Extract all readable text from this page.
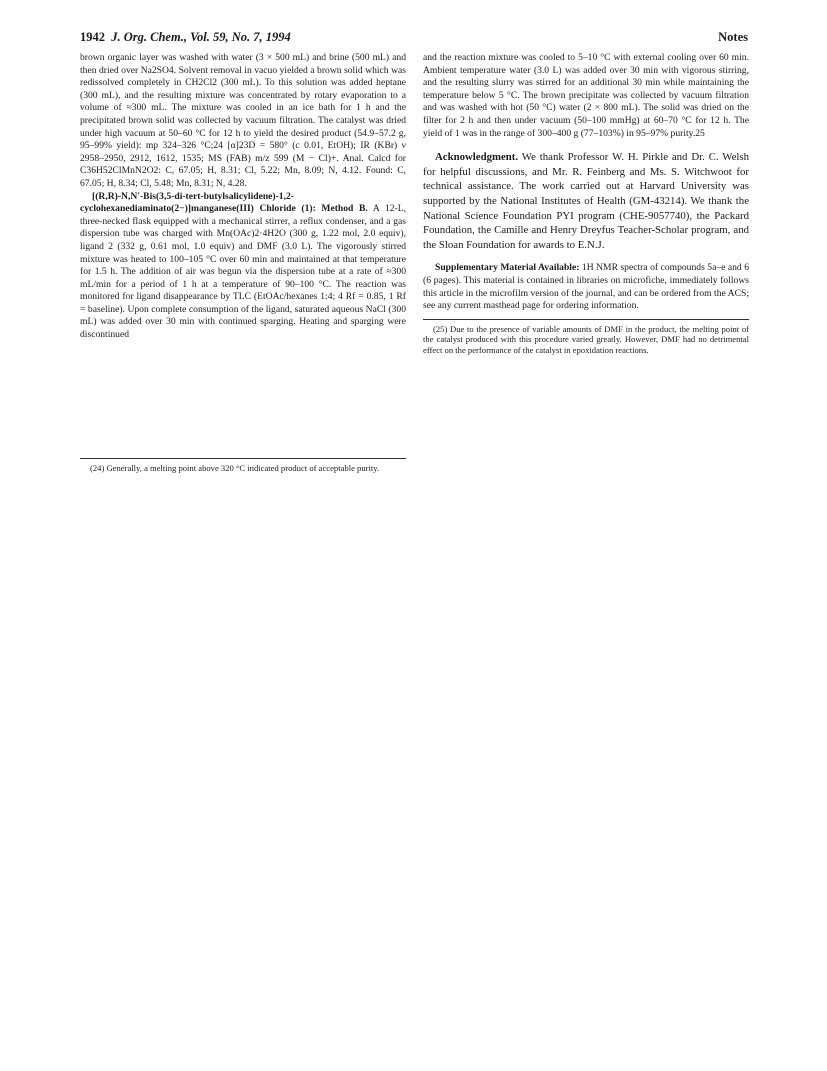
1942 J. Org. Chem., Vol. 59, No. 7, 1994	Notes

brown organic layer was washed with water (3 × 500 mL) and brine (500 mL) and then dried over Na2SO4. Solvent removal in vacuo yielded a brown solid which was redissolved completely in CH2Cl2 (300 mL). To this solution was added heptane (300 mL), and the resulting mixture was concentrated by rotary evaporation to a volume of ≈300 mL. The mixture was cooled in an ice bath for 1 h and the precipitated brown solid was collected by vacuum filtration. The catalyst was dried under high vacuum at 50–60 °C for 12 h to yield the desired product (54.9–57.2 g, 95–99% yield): mp 324–326 °C;24 [α]23D = 580° (c 0.01, EtOH); IR (KBr) ν 2958–2950, 2912, 1612, 1535; MS (FAB) m/z 599 (M − Cl)+. Anal. Calcd for C36H52ClMnN2O2: C, 67.05; H, 8.31; Cl, 5.22; Mn, 8.09; N, 4.12. Found: C, 67.05; H, 8.34; Cl, 5.48; Mn, 8.31; N, 4.28.

[(R,R)-N,N′-Bis(3,5-di-tert-butylsalicylidene)-1,2-cyclohexanediaminato(2−)]manganese(III) Chloride (1): Method B. A 12-L, three-necked flask equipped with a mechanical stirrer, a reflux condenser, and a gas dispersion tube was charged with Mn(OAc)2·4H2O (300 g, 1.22 mol, 2.0 equiv), ligand 2 (332 g, 0.61 mol, 1.0 equiv) and DMF (3.0 L). The vigorously stirred mixture was heated to 100–105 °C over 60 min and maintained at that temperature for 1.5 h. The addition of air was begun via the dispersion tube at a rate of ≈300 mL/min for a period of 1 h at a temperature of 90–100 °C. The reaction was monitored for ligand disappearance by TLC (EtOAc/hexanes 1:4; 4 Rf = 0.85, 1 Rf = baseline). Upon complete consumption of the ligand, saturated aqueous NaCl (300 mL) was added over 30 min with continued sparging. Heating and sparging were discontinued

(24) Generally, a melting point above 320 °C indicated product of acceptable purity.

and the reaction mixture was cooled to 5–10 °C with external cooling over 60 min. Ambient temperature water (3.0 L) was added over 30 min with vigorous stirring, and the resulting slurry was stirred for an additional 30 min while maintaining the temperature below 5 °C. The brown precipitate was collected by vacuum filtration and was washed with hot (50 °C) water (2 × 800 mL). The solid was dried on the filter for 2 h and then under vacuum (50–100 mmHg) at 60–70 °C for 12 h. The yield of 1 was in the range of 300–400 g (77–103%) in 95–97% purity.25

Acknowledgment. We thank Professor W. H. Pirkle and Dr. C. Welsh for helpful discussions, and Mr. R. Feinberg and Ms. S. Witchwoot for technical assistance. The work carried out at Harvard University was supported by the National Institutes of Health (GM-43214). We thank the National Science Foundation PYI program (CHE-9057740), the Packard Foundation, the Camille and Henry Dreyfus Teacher-Scholar program, and the Sloan Foundation for awards to E.N.J.

Supplementary Material Available: 1H NMR spectra of compounds 5a–e and 6 (6 pages). This material is contained in libraries on microfiche, immediately follows this article in the microfilm version of the journal, and can be ordered from the ACS; see any current masthead page for ordering information.

(25) Due to the presence of variable amounts of DMF in the product, the melting point of the catalyst produced with this procedure varied greatly. However, DMF had no detrimental effect on the performance of the catalyst in epoxidation reactions.
